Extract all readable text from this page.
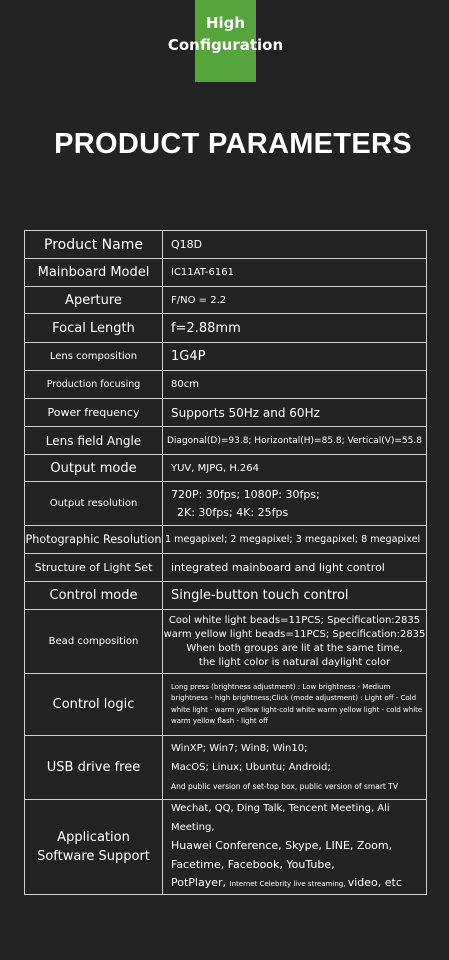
High
Configuration
PRODUCT PARAMETERS
Product Name	Q18D
Mainboard Model	IC11AT-6161
Aperture	F/NO = 2.2
Focal Length	f=2.88mm
Lens composition	1G4P
Production focusing	80cm
Power frequency	Supports 50Hz and 60Hz
Lens field Angle	Diagonal(D)=93.8; Horizontal(H)=85.8; Vertical(V)=55.8
Output mode	YUV, MJPG, H.264
Output resolution	720P: 30fps; 1080P: 30fps;
2K: 30fps; 4K: 25fps

Photographic Resolution	1 megapixel; 2 megapixel; 3 megapixel; 8 megapixel
Structure of Light Set	integrated mainboard and light control
Control mode	Single-button touch control
Bead composition	Cool white light beads=11PCS; Specification:2835
warm yellow light beads=11PCS; Specification:2835
When both groups are lit at the same time,
the light color is natural daylight color

Control logic	Long press (brightness adjustment) : Low brightness - Medium brightness - high brightness;Click (mode adjustment) : Light off - Cold white light - warm yellow light-cold white warm yellow light - cold white warm yellow flash - light off
USB drive free	WinXP; Win7; Win8; Win10;
MacOS; Linux; Ubuntu; Android;
And public version of set-top box, public version of smart TV

Application
Software Support	Wechat, QQ, Ding Talk, Tencent Meeting, Ali Meeting,
Huawei Conference, Skype, LINE, Zoom,
Facetime, Facebook, YouTube,
PotPlayer, Internet Celebrity live streaming, video, etc
